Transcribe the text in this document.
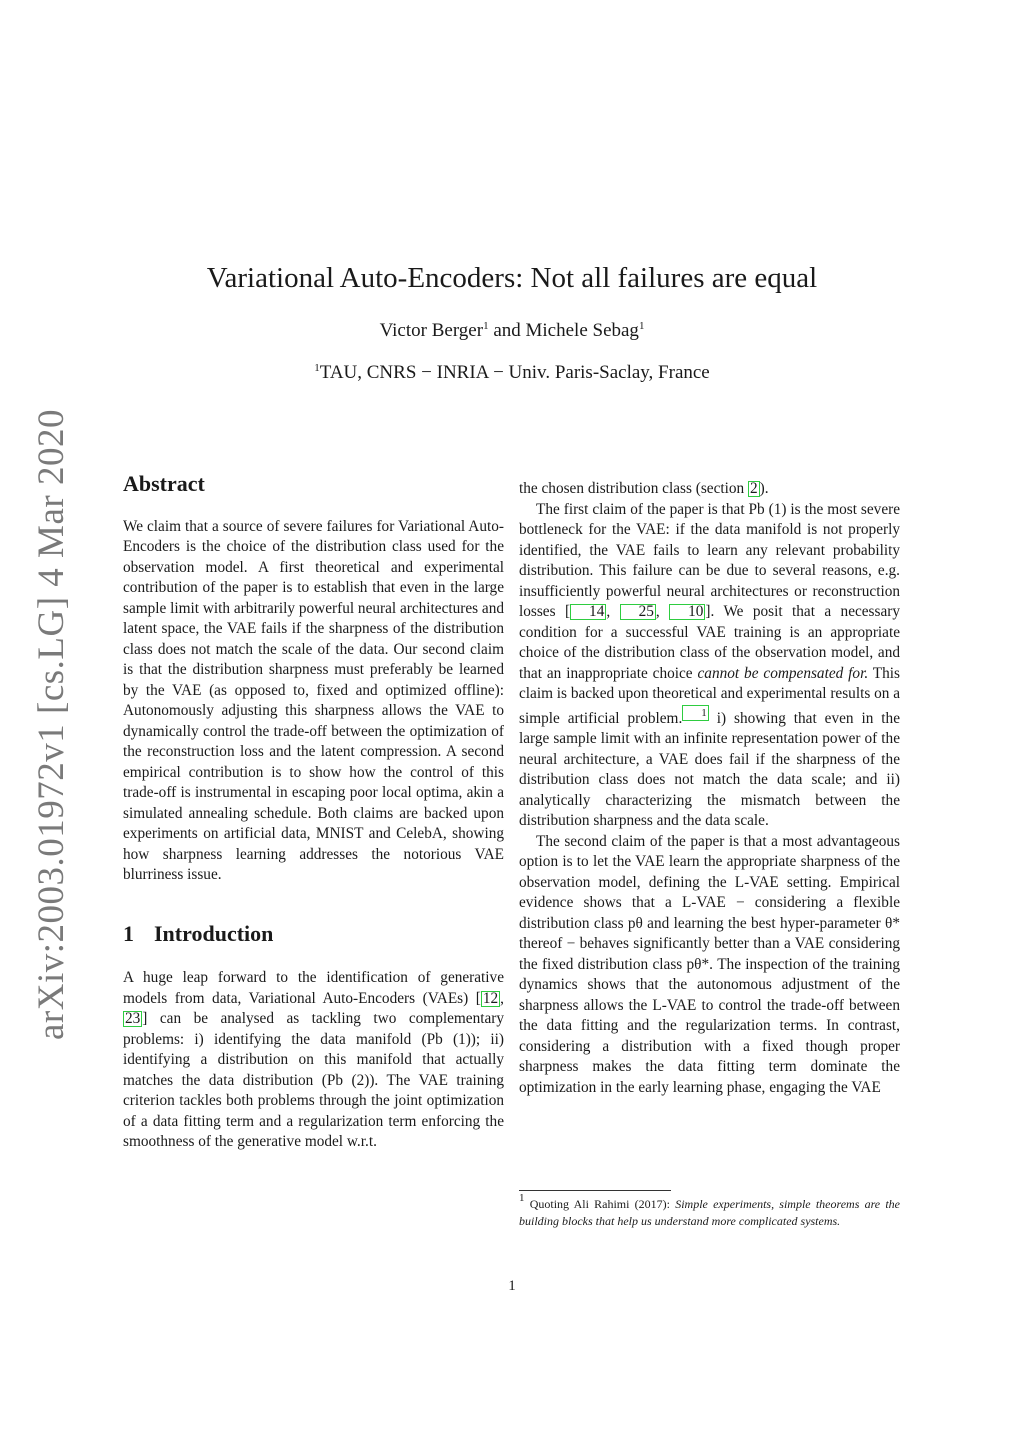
arXiv:2003.01972v1 [cs.LG] 4 Mar 2020
Variational Auto-Encoders: Not all failures are equal
Victor Berger$^1$ and Michele Sebag$^1$
$^1$TAU, CNRS − INRIA − Univ. Paris-Saclay, France
Abstract

We claim that a source of severe failures for Variational Auto-Encoders is the choice of the distribution class used for the observation model. A first theoretical and experimental contribution of the paper is to establish that even in the large sample limit with arbitrarily powerful neural architectures and latent space, the VAE fails if the sharpness of the distribution class does not match the scale of the data. Our second claim is that the distribution sharpness must preferably be learned by the VAE (as opposed to, fixed and optimized offline): Autonomously adjusting this sharpness allows the VAE to dynamically control the trade-off between the optimization of the reconstruction loss and the latent compression. A second empirical contribution is to show how the control of this trade-off is instrumental in escaping poor local optima, akin a simulated annealing schedule. Both claims are backed upon experiments on artificial data, MNIST and CelebA, showing how sharpness learning addresses the notorious VAE blurriness issue.

1 Introduction

A huge leap forward to the identification of generative models from data, Variational Auto-Encoders (VAEs) [ 12 , 23 ] can be analysed as tackling two complementary problems: i) identifying the data manifold (Pb (1)); ii) identifying a distribution on this manifold that actually matches the data distribution (Pb (2)). The VAE training criterion tackles both problems through the joint optimization of a data fitting term and a regularization term enforcing the smoothness of the generative model w.r.t.

the chosen distribution class (section 2 ).

The first claim of the paper is that Pb (1) is the most severe bottleneck for the VAE: if the data manifold is not properly identified, the VAE fails to learn any relevant probability distribution. This failure can be due to several reasons, e.g. insufficiently powerful neural architectures or reconstruction losses [ 14 , 25 , 10 ]. We posit that a necessary condition for a successful VAE training is an appropriate choice of the distribution class of the observation model, and that an inappropriate choice cannot be compensated for. This claim is backed upon theoretical and experimental results on a simple artificial problem. $^1$ i) showing that even in the large sample limit with an infinite representation power of the neural architecture, a VAE does fail if the sharpness of the distribution class does not match the data scale; and ii) analytically characterizing the mismatch between the distribution sharpness and the data scale.

The second claim of the paper is that a most advantageous option is to let the VAE learn the appropriate sharpness of the observation model, defining the L-VAE setting. Empirical evidence shows that a L-VAE − considering a flexible distribution class pθ and learning the best hyper-parameter θ* thereof − behaves significantly better than a VAE considering the fixed distribution class pθ*. The inspection of the training dynamics shows that the autonomous adjustment of the sharpness allows the L-VAE to control the trade-off between the data fitting and the regularization terms. In contrast, considering a distribution with a fixed though proper sharpness makes the data fitting term dominate the optimization in the early learning phase, engaging the VAE

$^1$ Quoting Ali Rahimi (2017): Simple experiments, simple theorems are the building blocks that help us understand more complicated systems.
1
